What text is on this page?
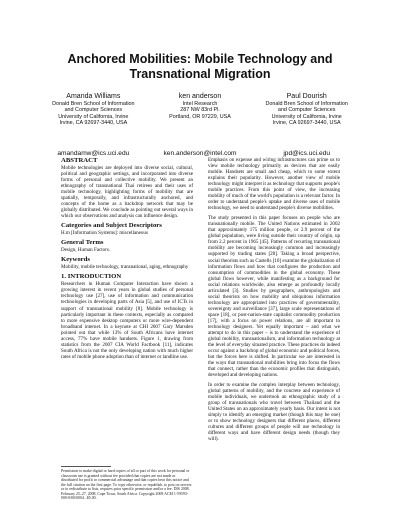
Anchored Mobilities: Mobile Technology and
Transnational Migration
Amanda Williams
Donald Bren School of Information
and Computer Sciences
University of California, Irvine
Irvine, CA 92697-3440, USA
ken anderson
Intel Research
287 NW 83rd Pl.
Portland, OR 97229, USA
Paul Dourish
Donald Bren School of Information
and Computer Sciences
University of California, Irvine
Irvine, CA 92697-3440, USA
amandamw@ics.uci.edu	ken.anderson@intel.com	jpd@ics.uci.edu
ABSTRACT

Mobile technologies are deployed into diverse social, cultural, political and geographic settings, and incorporated into diverse forms of personal and collective mobility. We present an ethnography of transnational Thai retirees and their uses of mobile technology, highlighting forms of mobility that are spatially, temporally, and infrastructurally anchored, and concepts of the home as a backdrop network that may be globally distributed. We conclude as pointing out several ways in which our observations and analysis can influence design.

Categories and Subject Descriptors

H.m [Information Systems]: miscellaneous

General Terms

Design, Human Factors.

Keywords

Mobility, mobile technology, transnational, aging, ethnography

1. INTRODUCTION

Researchers in Human Computer Interaction have shown a growing interest in recent years in global studies of personal technology use [27], use of information and communication technologies in developing parts of Asia [5], and use of ICTs in support of transnational mobility [8]. Mobile technology is particularly important in these contexts, especially as compared to more expensive desktop computers or more wire-dependent broadband internet. In a keynote at CHI 2007 Gary Marsden pointed out that while 13% of South Africans have internet access, 77% have mobile handsets. Figure 1, drawing from statistics from the 2007 CIA World Factbook [11], indicates South Africa is not the only developing nation with much higher rates of mobile phone adoption than of internet or landline use.

Permission to make digital or hard copies of all or part of this work for personal or classroom use is granted without fee provided that copies are not made or distributed for profit or commercial advantage and that copies bear this notice and the full citation on the first page. To copy otherwise, or republish, to post on servers or to redistribute to lists, requires prior specific permission and/or a fee. DIS 2008, February 25–27, 2008, Cape Town, South Africa. Copyright 2008 ACM 1-59593-000-0/00/0004...$5.00.

Emphasis on expense and wiring infrastructures can prime us to view mobile technology primarily as devices that are easily mobile. Handsets are small and cheap, which to some extent explains their popularity. However, another view of mobile technology might interpret it as technology that supports people's mobile practices. From this point of view, the increasing mobility of much of the world's population is a relevant factor. In order to understand people's uptake and diverse uses of mobile technology, we need to understand people's diverse mobilities.

The study presented in this paper focuses on people who are transnationally mobile. The United Nations estimated in 2002 that approximately 175 million people, or 2.9 percent of the global population, were living outside their country of origin, up from 2.2 percent in 1965 [45]. Patterns of recurring transnational mobility are becoming increasingly common and increasingly supported by trading states [28]. Taking a broad perspective, social theorists such as Castells [10] examine the globalization of information flows and how that configures the production and consumption of commodities in the global economy. These global flows however, while manifesting as a background for social relations worldwide, also emerge as profoundly locally articulated [3]. Studies by geographers, anthropologists and social theorists on how mobility and ubiquitous information technology are appropriated into practices of governmentality, sovereignty and surveillance [37], large scale representations of space [18], or post-nation-state capitalist commodity production [17], with a focus on power relations, are all important to technology designers. Yet equally important – and what we attempt to do in this paper – is to understand the experience of global mobility, transnationalism, and information technology at the level of everyday situated practice. These practices do indeed occur against a backdrop of global economic and political forces, but the forces here is shifted. In particular we are interested in the ways that transnational mobilities bring into focus the flows that connect, rather than the economic profiles that distinguish, developed and developing nations.

In order to examine the complex interplay between technology, global patterns of mobility, and the concrete and experience of mobile individuals, we undertook an ethnographic study of a group of transnationals who travel between Thailand and the United States on an approximately yearly basis. Our intent is not simply to identify an emerging market (though this may be one) or to show technology designers that different places, different cultures and different groups of people will use technology in different ways and have different design needs (though they will).
